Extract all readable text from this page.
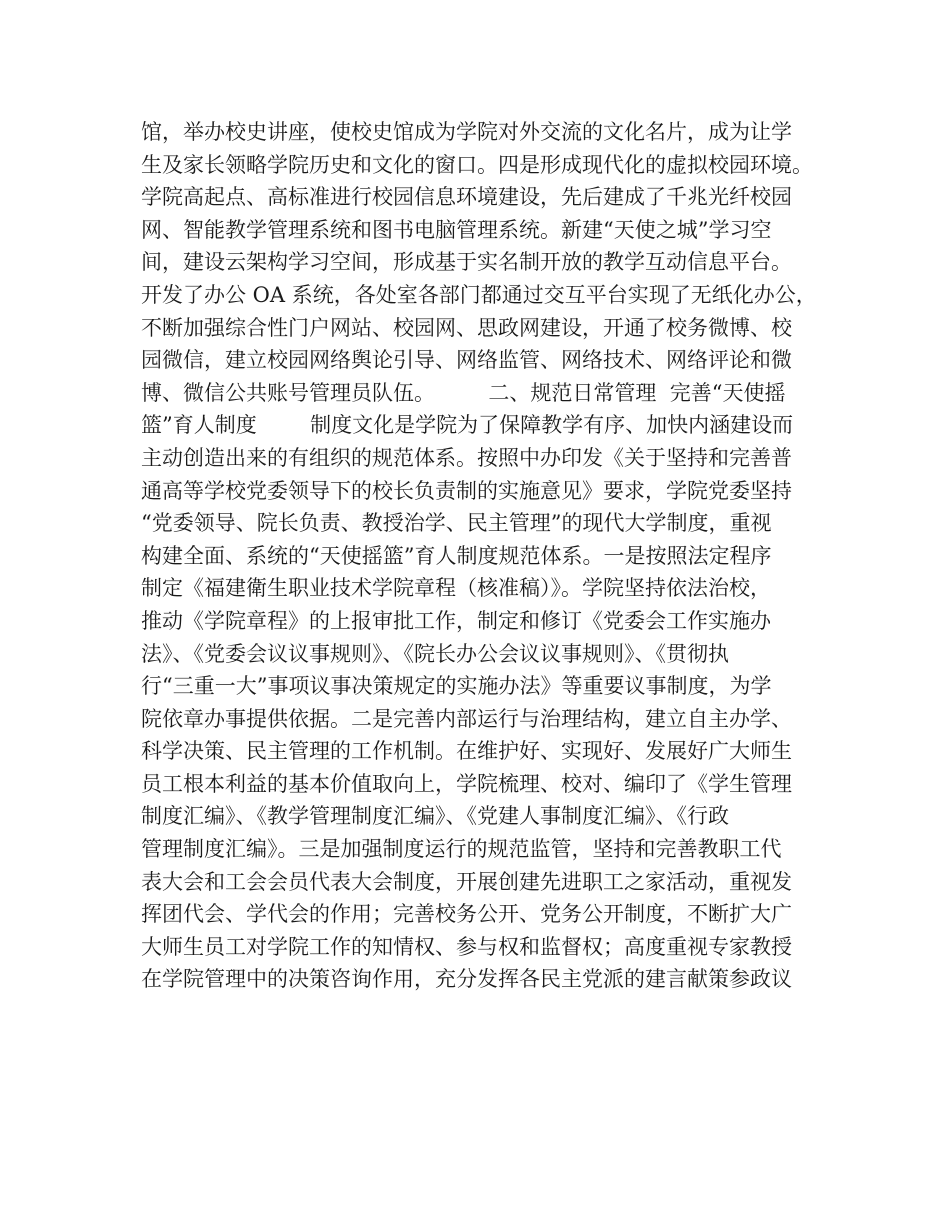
馆，举办校史讲座，使校史馆成为学院对外交流的文化名片，成为让学
生及家长领略学院历史和文化的窗口。四是形成现代化的虚拟校园环境。
学院高起点、高标准进行校园信息环境建设，先后建成了千兆光纤校园
网、智能教学管理系统和图书电脑管理系统。新建“天使之城”学习空
间，建设云架构学习空间，形成基于实名制开放的教学互动信息平台。
开发了办公 OA 系统，各处室各部门都通过交互平台实现了无纸化办公，
不断加强综合性门户网站、校园网、思政网建设，开通了校务微博、校
园微信，建立校园网络舆论引导、网络监管、网络技术、网络评论和微
博、微信公共账号管理员队伍。        二、规范日常管理  完善“天使摇
篮”育人制度        制度文化是学院为了保障教学有序、加快内涵建设而
主动创造出来的有组织的规范体系。按照中办印发《关于坚持和完善普
通高等学校党委领导下的校长负责制的实施意见》要求，学院党委坚持
“党委领导、院长负责、教授治学、民主管理”的现代大学制度，重视
构建全面、系统的“天使摇篮”育人制度规范体系。一是按照法定程序
制定《福建衛生职业技术学院章程（核准稿）》。学院坚持依法治校，
推动《学院章程》的上报审批工作，制定和修订《党委会工作实施办
法》、《党委会议议事规则》、《院长办公会议议事规则》、《贯彻执
行“三重一大”事项议事决策规定的实施办法》等重要议事制度，为学
院依章办事提供依据。二是完善内部运行与治理结构，建立自主办学、
科学决策、民主管理的工作机制。在维护好、实现好、发展好广大师生
员工根本利益的基本价值取向上，学院梳理、校对、编印了《学生管理
制度汇编》、《教学管理制度汇编》、《党建人事制度汇编》、《行政
管理制度汇编》。三是加强制度运行的规范监管，坚持和完善教职工代
表大会和工会会员代表大会制度，开展创建先进职工之家活动，重视发
挥团代会、学代会的作用；完善校务公开、党务公开制度，不断扩大广
大师生员工对学院工作的知情权、参与权和监督权；高度重视专家教授
在学院管理中的决策咨询作用，充分发挥各民主党派的建言献策参政议
